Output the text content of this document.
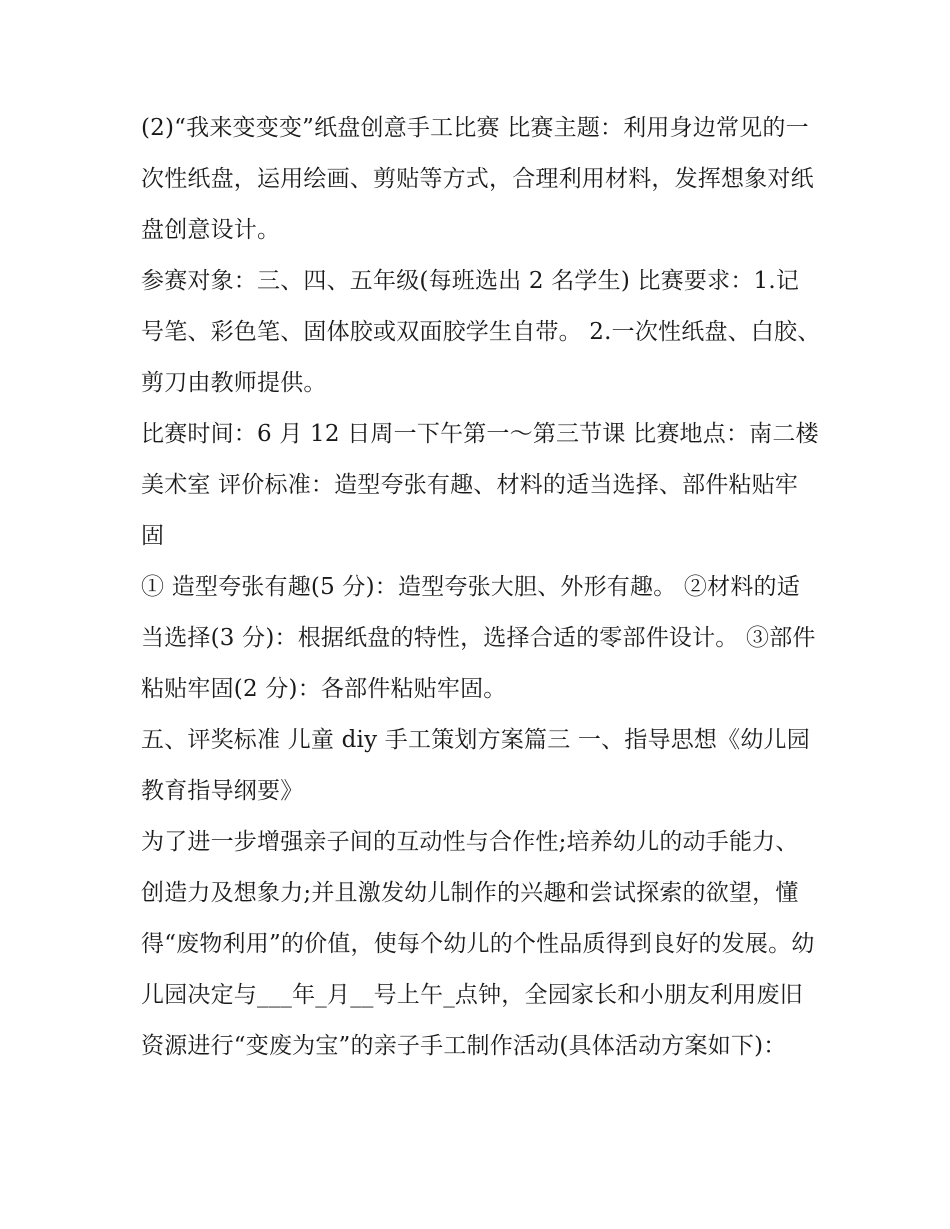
(2)“我来变变变”纸盘创意手工比赛 比赛主题：利用身边常见的一次性纸盘，运用绘画、剪贴等方式，合理利用材料，发挥想象对纸盘创意设计。

参赛对象：三、四、五年级(每班选出 2 名学生) 比赛要求：1.记号笔、彩色笔、固体胶或双面胶学生自带。 2.一次性纸盘、白胶、剪刀由教师提供。

比赛时间：6 月 12 日周一下午第一～第三节课 比赛地点：南二楼美术室 评价标准：造型夸张有趣、材料的适当选择、部件粘贴牢固

① 造型夸张有趣(5 分)：造型夸张大胆、外形有趣。 ②材料的适当选择(3 分)：根据纸盘的特性，选择合适的零部件设计。 ③部件粘贴牢固(2 分)：各部件粘贴牢固。

五、评奖标准 儿童 diy 手工策划方案篇三 一、指导思想《幼儿园教育指导纲要》

为了进一步增强亲子间的互动性与合作性;培养幼儿的动手能力、创造力及想象力;并且激发幼儿制作的兴趣和尝试探索的欲望，懂得“废物利用”的价值，使每个幼儿的个性品质得到良好的发展。幼儿园决定与___年_月__号上午_点钟，全园家长和小朋友利用废旧资源进行“变废为宝”的亲子手工制作活动(具体活动方案如下)：
